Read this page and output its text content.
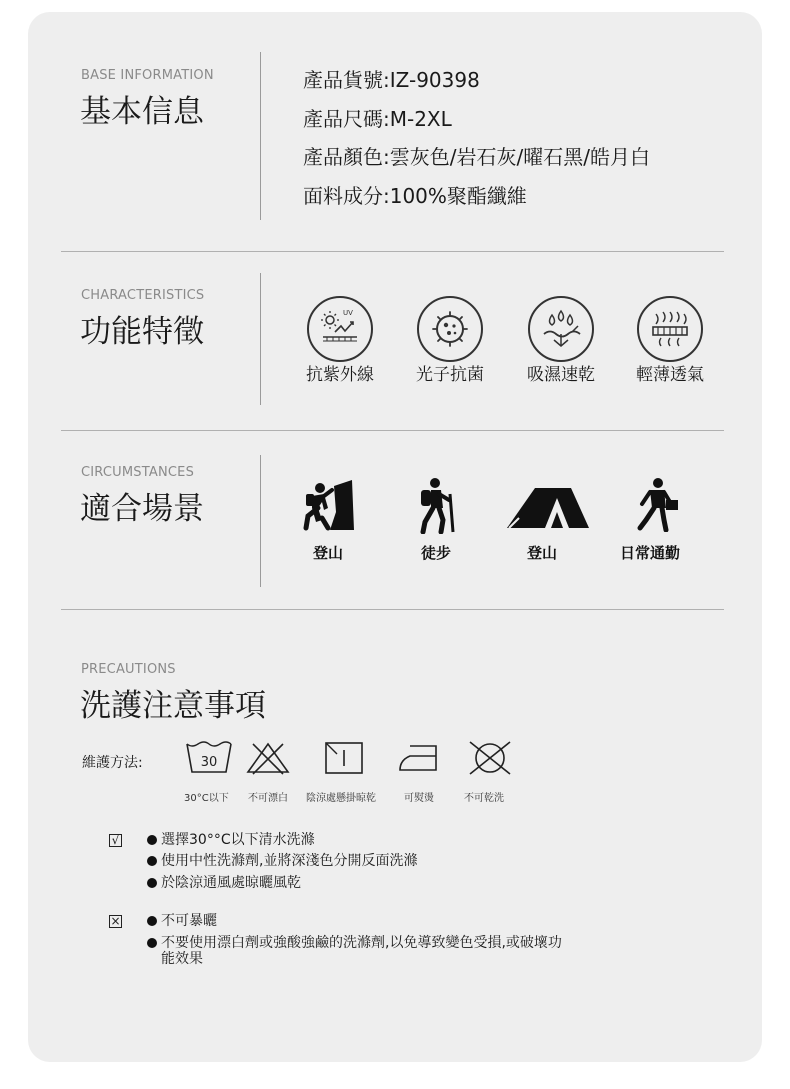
BASE INFORMATION
基本信息
產品貨號:IZ-90398
產品尺碼:M-2XL
產品顏色:雲灰色/岩石灰/曜石黑/皓月白
面料成分:100%聚酯纖維
CHARACTERISTICS
功能特徵
UV
抗紫外線	光子抗菌	吸濕速乾	輕薄透氣
CIRCUMSTANCES
適合場景
登山	徒步	登山	日常通勤
PRECAUTIONS
洗護注意事項
維護方法:	30
30°C以下 不可漂白 陰涼處懸掛晾乾	可熨燙	不可乾洗
√	選擇30°°C以下清水洗滌
使用中性洗滌劑,並將深淺色分開反面洗滌
於陰涼通風處晾曬風乾
×	不可暴曬
不要使用漂白劑或強酸強鹼的洗滌劑,以免導致變色受損,或破壞功
能效果
